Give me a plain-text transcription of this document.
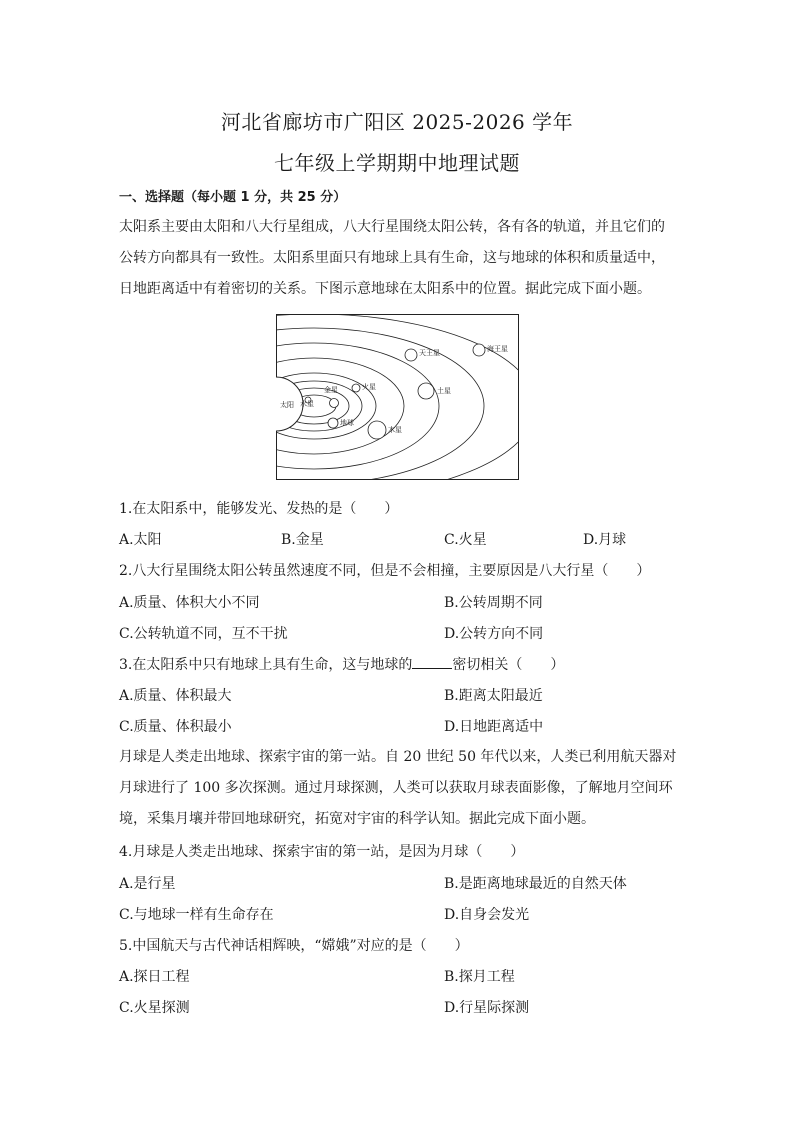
河北省廊坊市广阳区 2025-2026 学年
七年级上学期期中地理试题
一、选择题（每小题 1 分，共 25 分）
太阳系主要由太阳和八大行星组成，八大行星围绕太阳公转，各有各的轨道，并且它们的
公转方向都具有一致性。太阳系里面只有地球上具有生命，这与地球的体积和质量适中，
日地距离适中有着密切的关系。下图示意地球在太阳系中的位置。据此完成下面小题。
太阳 水星
金星	火星
地球
木星
土星
天王星	海王星
1.在太阳系中，能够发光、发热的是（　　）
A.太阳	B.金星	C.火星	D.月球
2.八大行星围绕太阳公转虽然速度不同，但是不会相撞，主要原因是八大行星（　　）
A.质量、体积大小不同	B.公转周期不同
C.公转轨道不同，互不干扰	D.公转方向不同
3.在太阳系中只有地球上具有生命，这与地球的	密切相关（　　）
A.质量、体积最大	B.距离太阳最近
C.质量、体积最小	D.日地距离适中
月球是人类走出地球、探索宇宙的第一站。自 20 世纪 50 年代以来，人类已利用航天器对
月球进行了 100 多次探测。通过月球探测，人类可以获取月球表面影像，了解地月空间环
境，采集月壤并带回地球研究，拓宽对宇宙的科学认知。据此完成下面小题。
4.月球是人类走出地球、探索宇宙的第一站，是因为月球（　　）
A.是行星	B.是距离地球最近的自然天体
C.与地球一样有生命存在	D.自身会发光
5.中国航天与古代神话相辉映，“嫦娥”对应的是（　　）
A.探日工程	B.探月工程
C.火星探测	D.行星际探测
